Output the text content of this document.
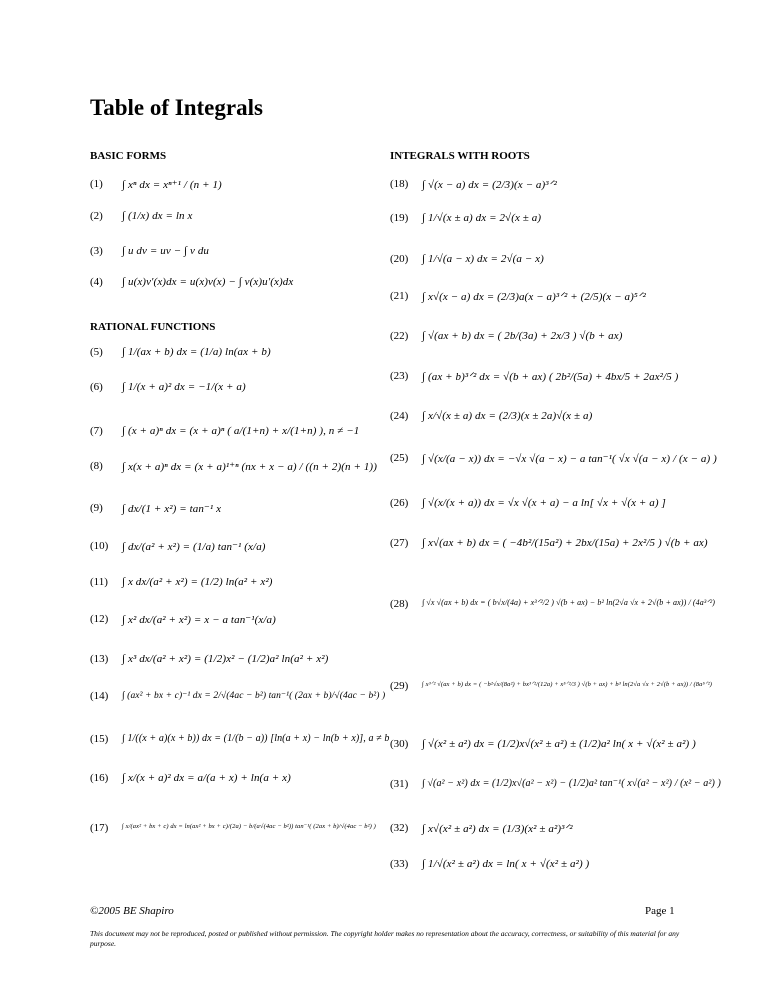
Table of Integrals
BASIC FORMS
RATIONAL FUNCTIONS
INTEGRALS WITH ROOTS
(1)	∫ xⁿ dx = xⁿ⁺¹ / (n + 1)
(2)	∫ (1/x) dx = ln x
(3)	∫ u dv = uv − ∫ v du
(4)	∫ u(x)v′(x)dx = u(x)v(x) − ∫ v(x)u′(x)dx
(5)	∫ 1/(ax + b) dx = (1/a) ln(ax + b)
(6)	∫ 1/(x + a)² dx = −1/(x + a)
(7)	∫ (x + a)ⁿ dx = (x + a)ⁿ ( a/(1+n) + x/(1+n) ), n ≠ −1
(8)	∫ x(x + a)ⁿ dx = (x + a)¹⁺ⁿ (nx + x − a) / ((n + 2)(n + 1))
(9)	∫ dx/(1 + x²) = tan⁻¹ x
(10)	∫ dx/(a² + x²) = (1/a) tan⁻¹ (x/a)
(11)	∫ x dx/(a² + x²) = (1/2) ln(a² + x²)
(12)	∫ x² dx/(a² + x²) = x − a tan⁻¹(x/a)
(13)	∫ x³ dx/(a² + x²) = (1/2)x² − (1/2)a² ln(a² + x²)
(14)	∫ (ax² + bx + c)⁻¹ dx = 2/√(4ac − b²) tan⁻¹( (2ax + b)/√(4ac − b²) )
(15)	∫ 1/((x + a)(x + b)) dx = (1/(b − a)) [ln(a + x) − ln(b + x)], a ≠ b
(16)	∫ x/(x + a)² dx = a/(a + x) + ln(a + x)
(17)	∫ x/(ax² + bx + c) dx = ln(ax² + bx + c)/(2a) − b/(a√(4ac − b²)) tan⁻¹( (2ax + b)/√(4ac − b²) )
(18)	∫ √(x − a) dx = (2/3)(x − a)³ᐟ²
(19)	∫ 1/√(x ± a) dx = 2√(x ± a)
(20)	∫ 1/√(a − x) dx = 2√(a − x)
(21)	∫ x√(x − a) dx = (2/3)a(x − a)³ᐟ² + (2/5)(x − a)⁵ᐟ²
(22)	∫ √(ax + b) dx = ( 2b/(3a) + 2x/3 ) √(b + ax)
(23)	∫ (ax + b)³ᐟ² dx = √(b + ax) ( 2b²/(5a) + 4bx/5 + 2ax²/5 )
(24)	∫ x/√(x ± a) dx = (2/3)(x ± 2a)√(x ± a)
(25)	∫ √(x/(a − x)) dx = −√x √(a − x) − a tan⁻¹( √x √(a − x) / (x − a) )
(26)	∫ √(x/(x + a)) dx = √x √(x + a) − a ln[ √x + √(x + a) ]
(27)	∫ x√(ax + b) dx = ( −4b²/(15a²) + 2bx/(15a) + 2x²/5 ) √(b + ax)
(28)	∫ √x √(ax + b) dx = ( b√x/(4a) + x³ᐟ²/2 ) √(b + ax) − b² ln(2√a √x + 2√(b + ax)) / (4a³ᐟ²)
(29)	∫ x³ᐟ² √(ax + b) dx = ( −b²√x/(8a²) + bx³ᐟ²/(12a) + x⁵ᐟ²/3 ) √(b + ax) + b³ ln(2√a √x + 2√(b + ax)) / (8a⁵ᐟ²)
(30)	∫ √(x² ± a²) dx = (1/2)x√(x² ± a²) ± (1/2)a² ln( x + √(x² ± a²) )
(31)	∫ √(a² − x²) dx = (1/2)x√(a² − x²) − (1/2)a² tan⁻¹( x√(a² − x²) / (x² − a²) )
(32)	∫ x√(x² ± a²) dx = (1/3)(x² ± a²)³ᐟ²
(33)	∫ 1/√(x² ± a²) dx = ln( x + √(x² ± a²) )
©2005 BE Shapiro	Page 1
This document may not be reproduced, posted or published without permission. The copyright holder makes no representation about the accuracy, correctness, or suitability of this material for any purpose.
